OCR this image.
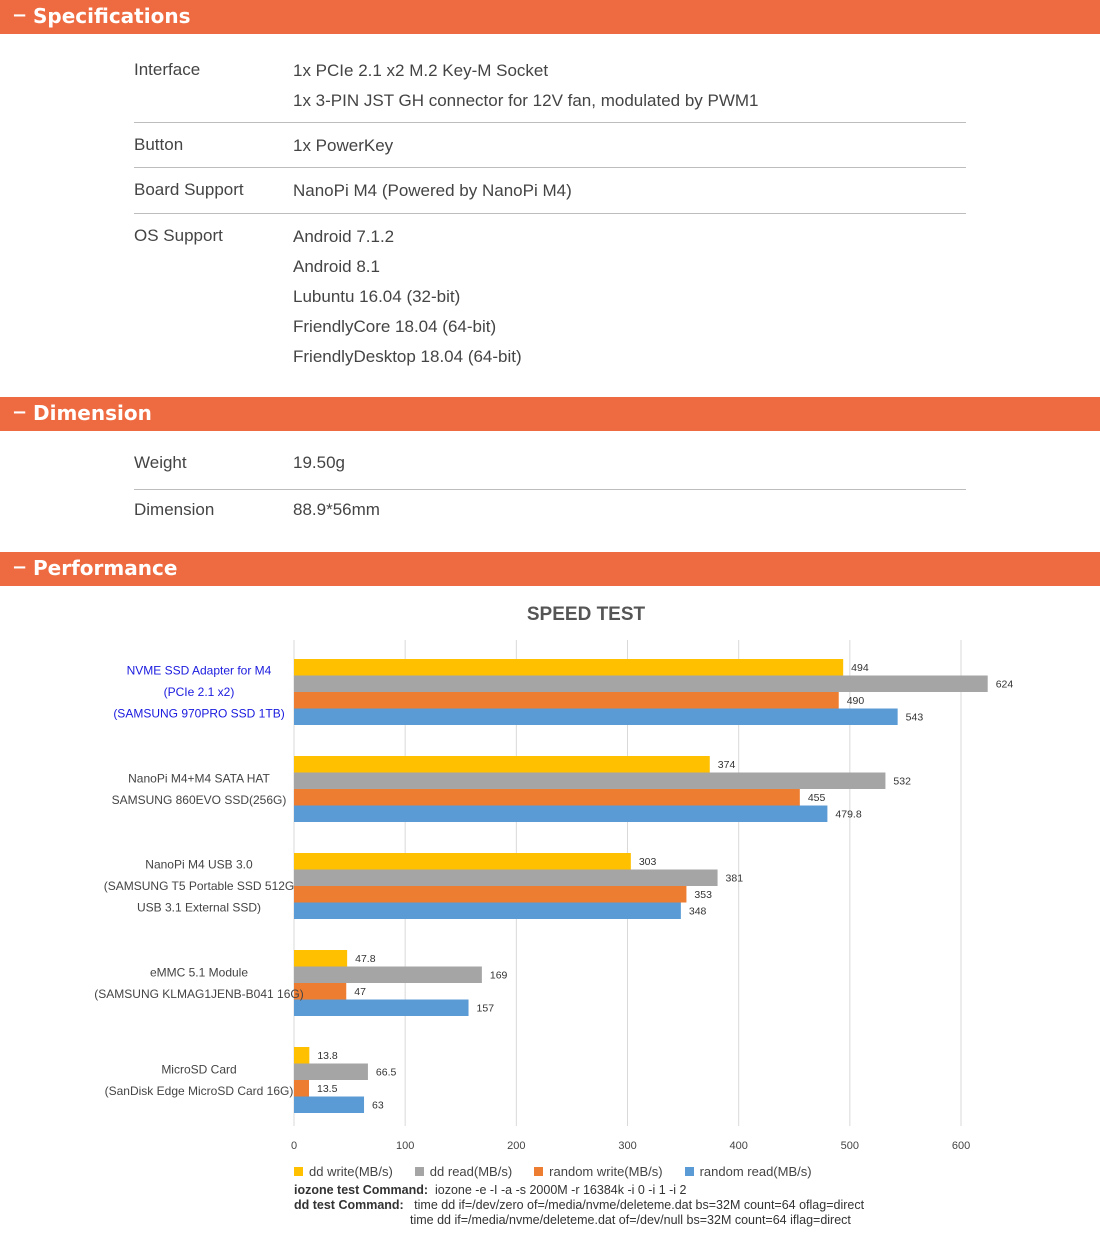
− Specifications
Interface	1x PCIe 2.1 x2 M.2 Key-M Socket
1x 3-PIN JST GH connector for 12V fan, modulated by PWM1
Button	1x PowerKey
Board Support	NanoPi M4 (Powered by NanoPi M4)
OS Support	Android 7.1.2
Android 8.1
Lubuntu 16.04 (32-bit)
FriendlyCore 18.04 (64-bit)
FriendlyDesktop 18.04 (64-bit)
− Dimension
Weight	19.50g
Dimension	88.9*56mm
− Performance
SPEED TEST
0	100	200	300	400	500	600
494
624
490
543
NVME SSD Adapter for M4
(PCIe 2.1 x2)
(SAMSUNG 970PRO SSD 1TB)
374
532
455
479.8
NanoPi M4+M4 SATA HAT
SAMSUNG 860EVO SSD(256G)
303
381
353
348
NanoPi M4 USB 3.0
(SAMSUNG T5 Portable SSD 512G
USB 3.1 External SSD)
47.8
169
47
157
eMMC 5.1 Module
(SAMSUNG KLMAG1JENB-B041 16G)
13.8
66.5
13.5
63
MicroSD Card
(SanDisk Edge MicroSD Card 16G)
dd write(MB/s)	dd read(MB/s)	random write(MB/s)	random read(MB/s)
iozone test Command: iozone -e -I -a -s 2000M -r 16384k -i 0 -i 1 -i 2
dd test Command: time dd if=/dev/zero of=/media/nvme/deleteme.dat bs=32M count=64 oflag=direct
time dd if=/media/nvme/deleteme.dat of=/dev/null bs=32M count=64 iflag=direct
